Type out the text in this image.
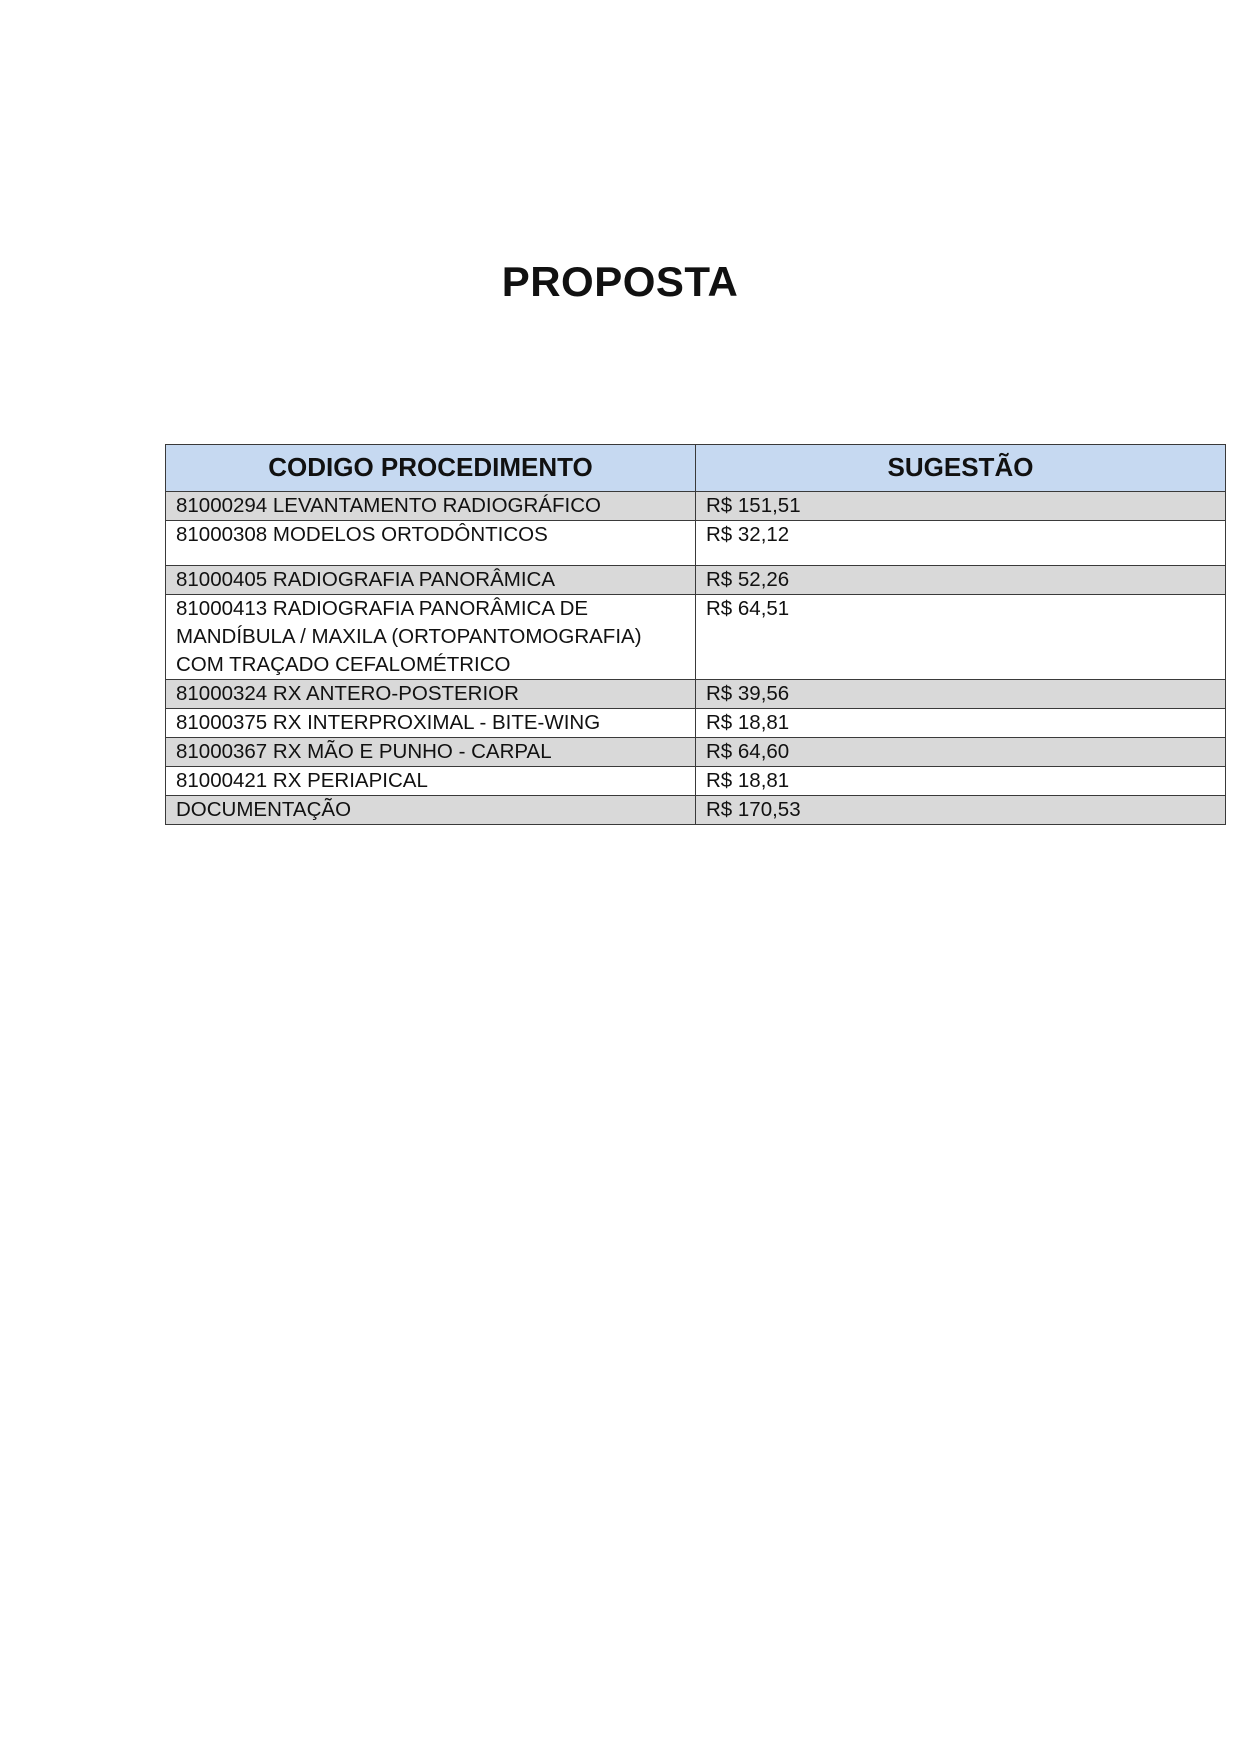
PROPOSTA
CODIGO PROCEDIMENTO	SUGESTÃO
81000294 LEVANTAMENTO RADIOGRÁFICO	R$ 151,51
81000308 MODELOS ORTODÔNTICOS	R$ 32,12
81000405 RADIOGRAFIA PANORÂMICA	R$ 52,26
81000413 RADIOGRAFIA PANORÂMICA DE MANDÍBULA / MAXILA (ORTOPANTOMOGRAFIA) COM TRAÇADO CEFALOMÉTRICO	R$ 64,51
81000324 RX ANTERO-POSTERIOR	R$ 39,56
81000375 RX INTERPROXIMAL - BITE-WING	R$ 18,81
81000367 RX MÃO E PUNHO - CARPAL	R$ 64,60
81000421 RX PERIAPICAL	R$ 18,81
DOCUMENTAÇÃO	R$ 170,53
